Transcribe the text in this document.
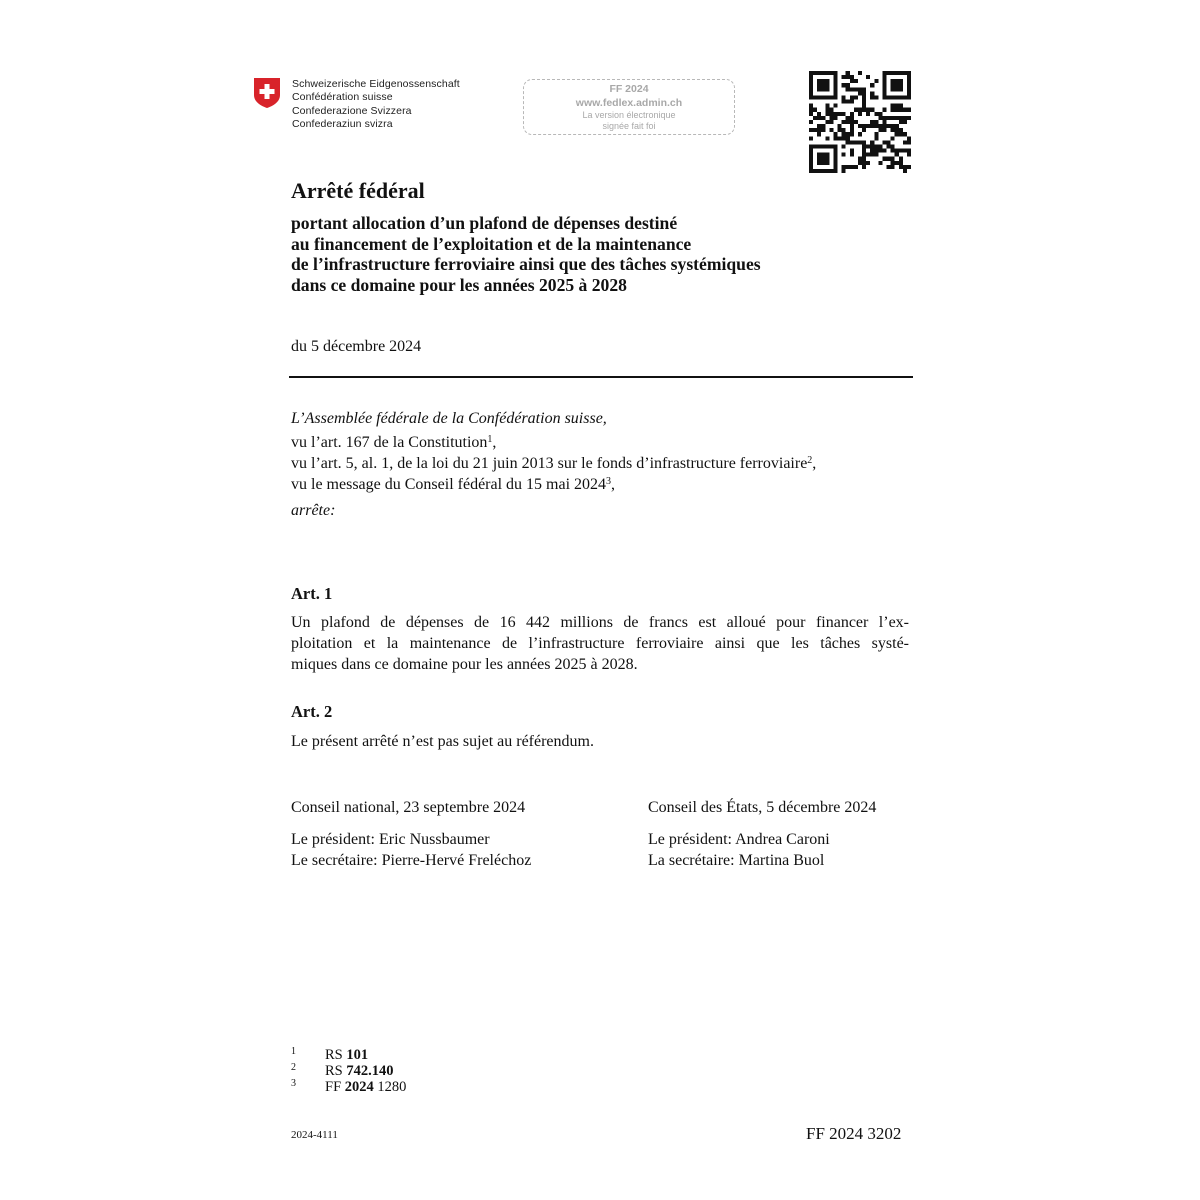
Schweizerische Eidgenossenschaft
Confédération suisse
Confederazione Svizzera
Confederaziun svizra
FF 2024
www.fedlex.admin.ch
La version électronique
signée fait foi
Arrêté fédéral
portant allocation d’un plafond de dépenses destiné
au financement de l’exploitation et de la maintenance
de l’infrastructure ferroviaire ainsi que des tâches systémiques
dans ce domaine pour les années 2025 à 2028
du 5 décembre 2024
L’Assemblée fédérale de la Confédération suisse,
vu l’art. 167 de la Constitution$^1$,
vu l’art. 5, al. 1, de la loi du 21 juin 2013 sur le fonds d’infrastructure ferroviaire$^2$,
vu le message du Conseil fédéral du 15 mai 2024$^3$,
arrête:
Art. 1
Un plafond de dépenses de 16 442 millions de francs est alloué pour financer l’ex-
ploitation et la maintenance de l’infrastructure ferroviaire ainsi que les tâches systé-
miques dans ce domaine pour les années 2025 à 2028.
Art. 2
Le présent arrêté n’est pas sujet au référendum.
Conseil national, 23 septembre 2024	Conseil des États, 5 décembre 2024
Le président: Eric Nussbaumer
Le secrétaire: Pierre-Hervé Freléchoz
Le président: Andrea Caroni
La secrétaire: Martina Buol
1 RS 101
2 RS 742.140
3 FF 2024 1280
2024-4111	FF 2024 3202
